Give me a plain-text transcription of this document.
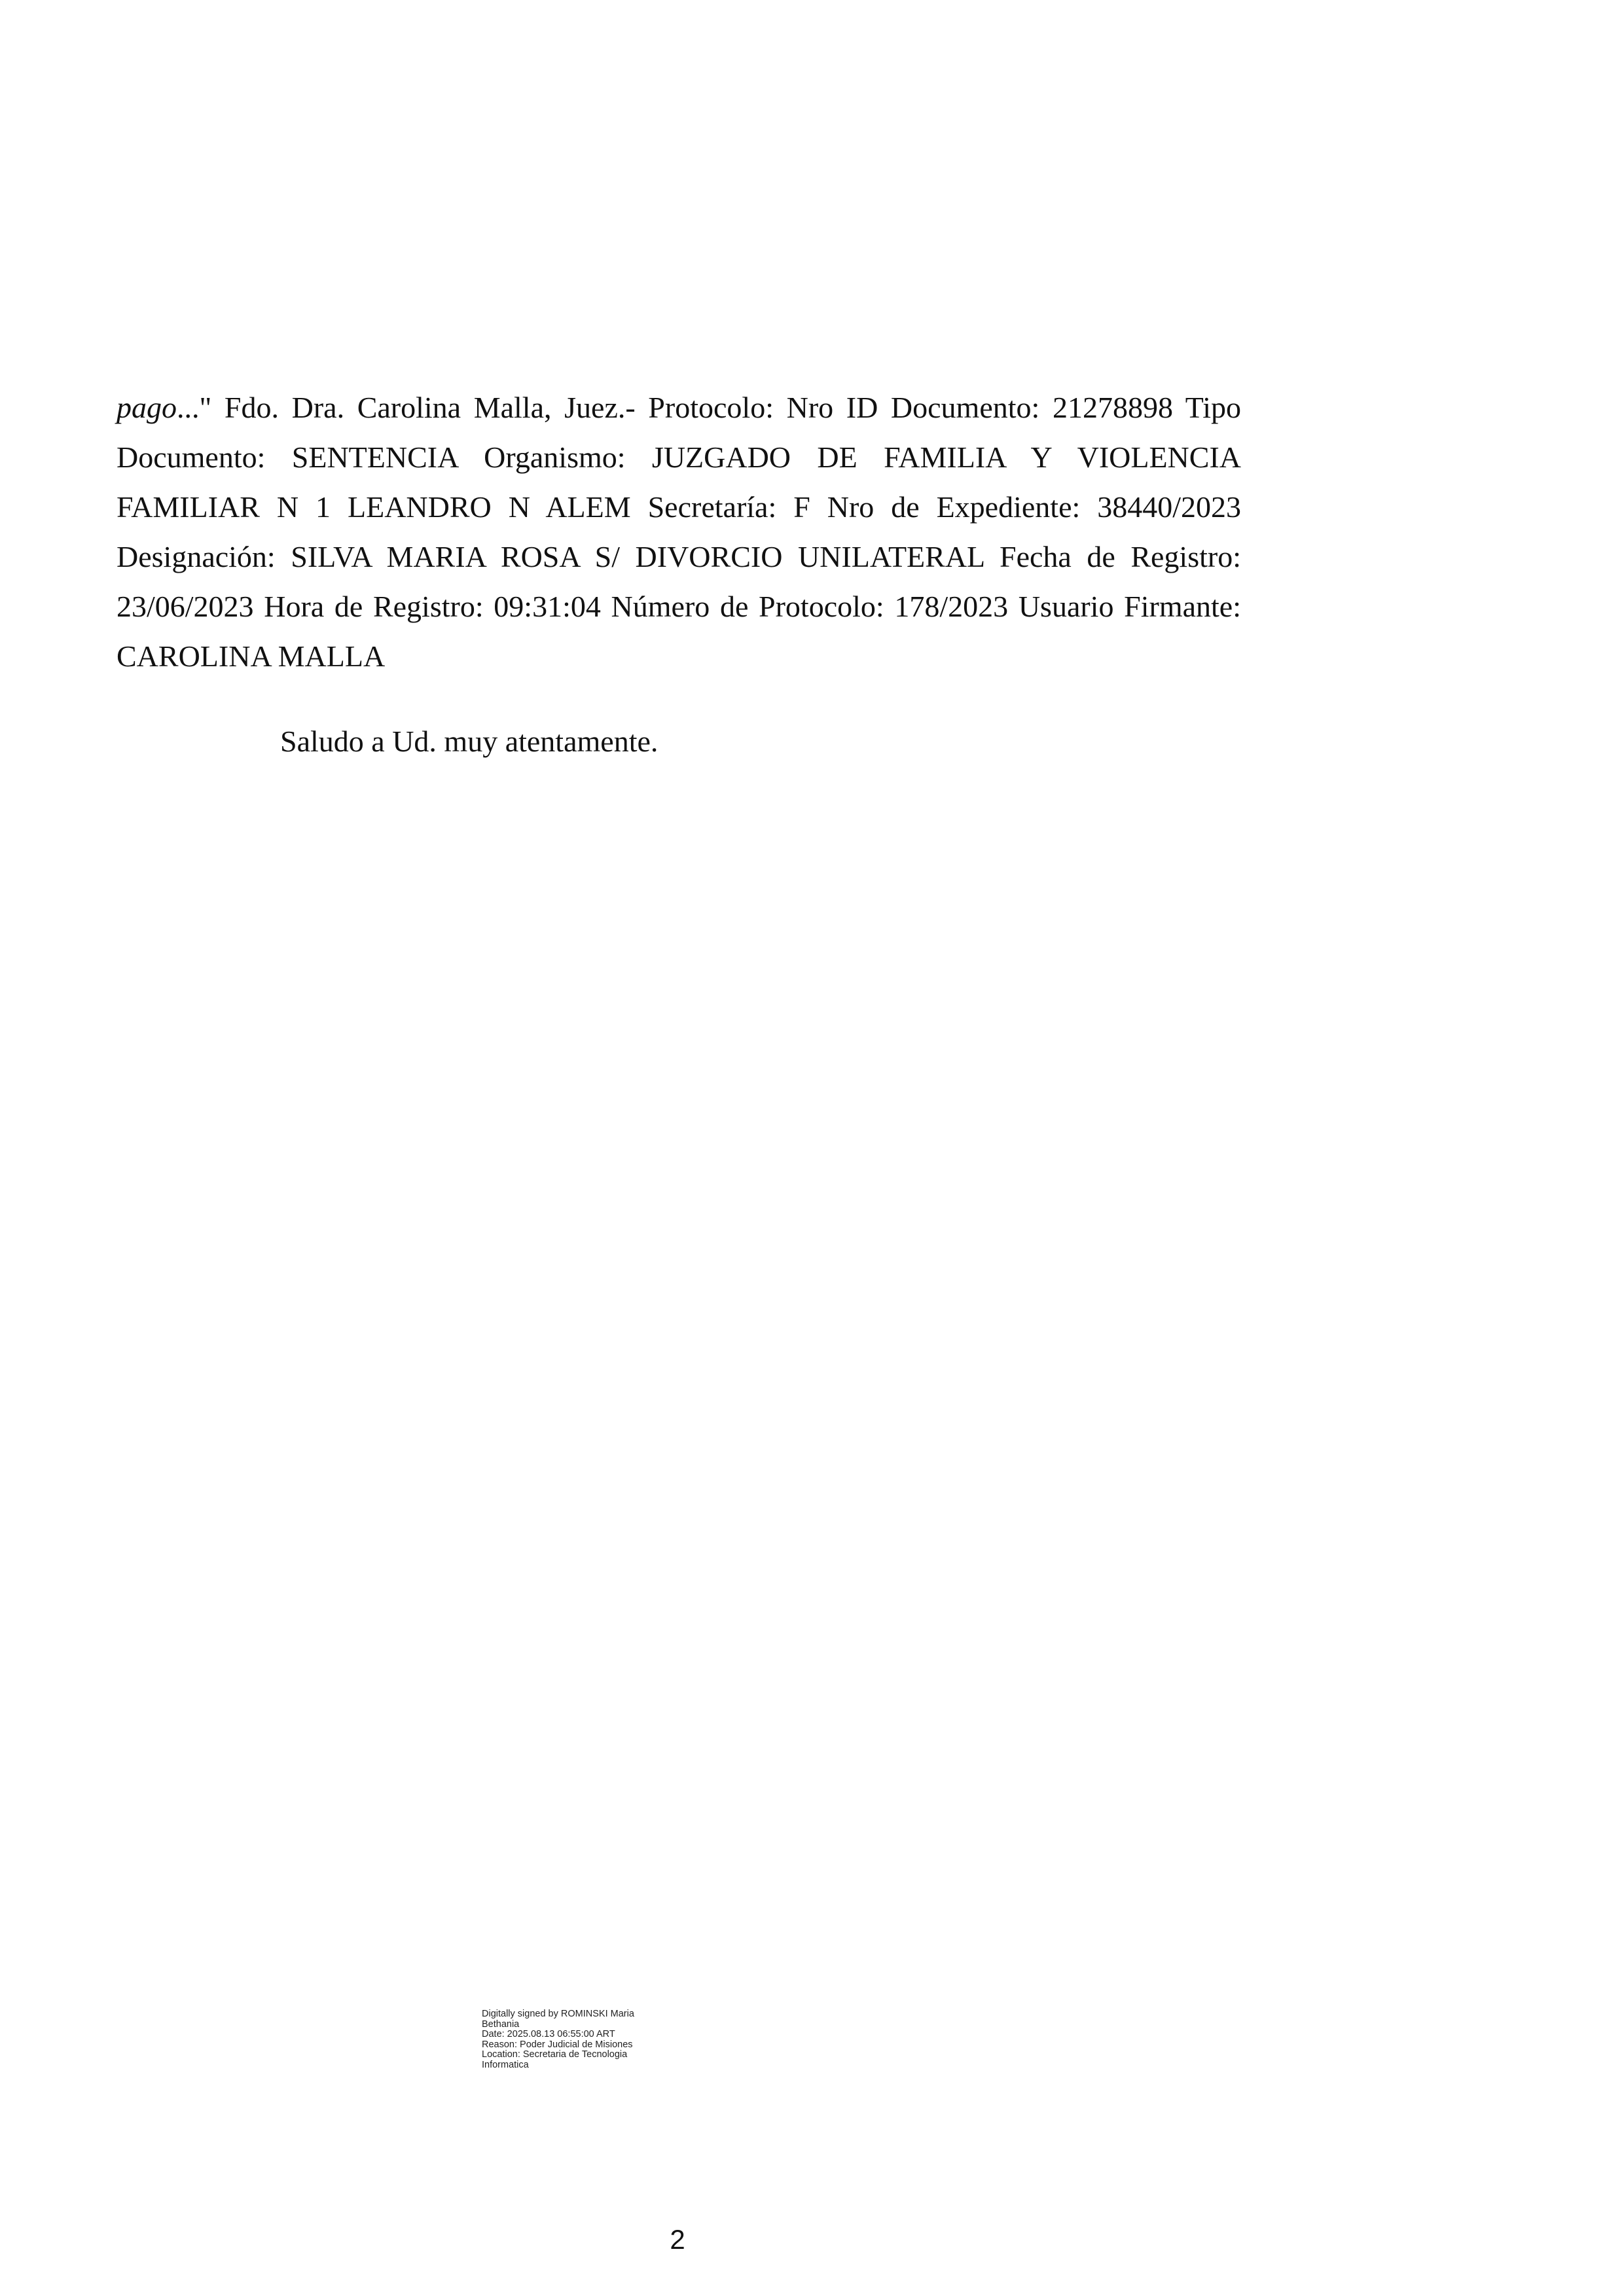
pago..." Fdo. Dra. Carolina Malla, Juez.- Protocolo: Nro ID Documento: 21278898 Tipo Documento: SENTENCIA Organismo: JUZGADO DE FAMILIA Y VIOLENCIA FAMILIAR N 1 LEANDRO N ALEM Secretaría: F Nro de Expediente: 38440/2023 Designación: SILVA MARIA ROSA S/ DIVORCIO UNILATERAL Fecha de Registro: 23/06/2023 Hora de Registro: 09:31:04 Número de Protocolo: 178/2023 Usuario Firmante: CAROLINA MALLA

Saludo a Ud. muy atentamente.

Digitally signed by ROMINSKI Maria
Bethania
Date: 2025.08.13 06:55:00 ART
Reason: Poder Judicial de Misiones
Location: Secretaria de Tecnologia
Informatica
2
